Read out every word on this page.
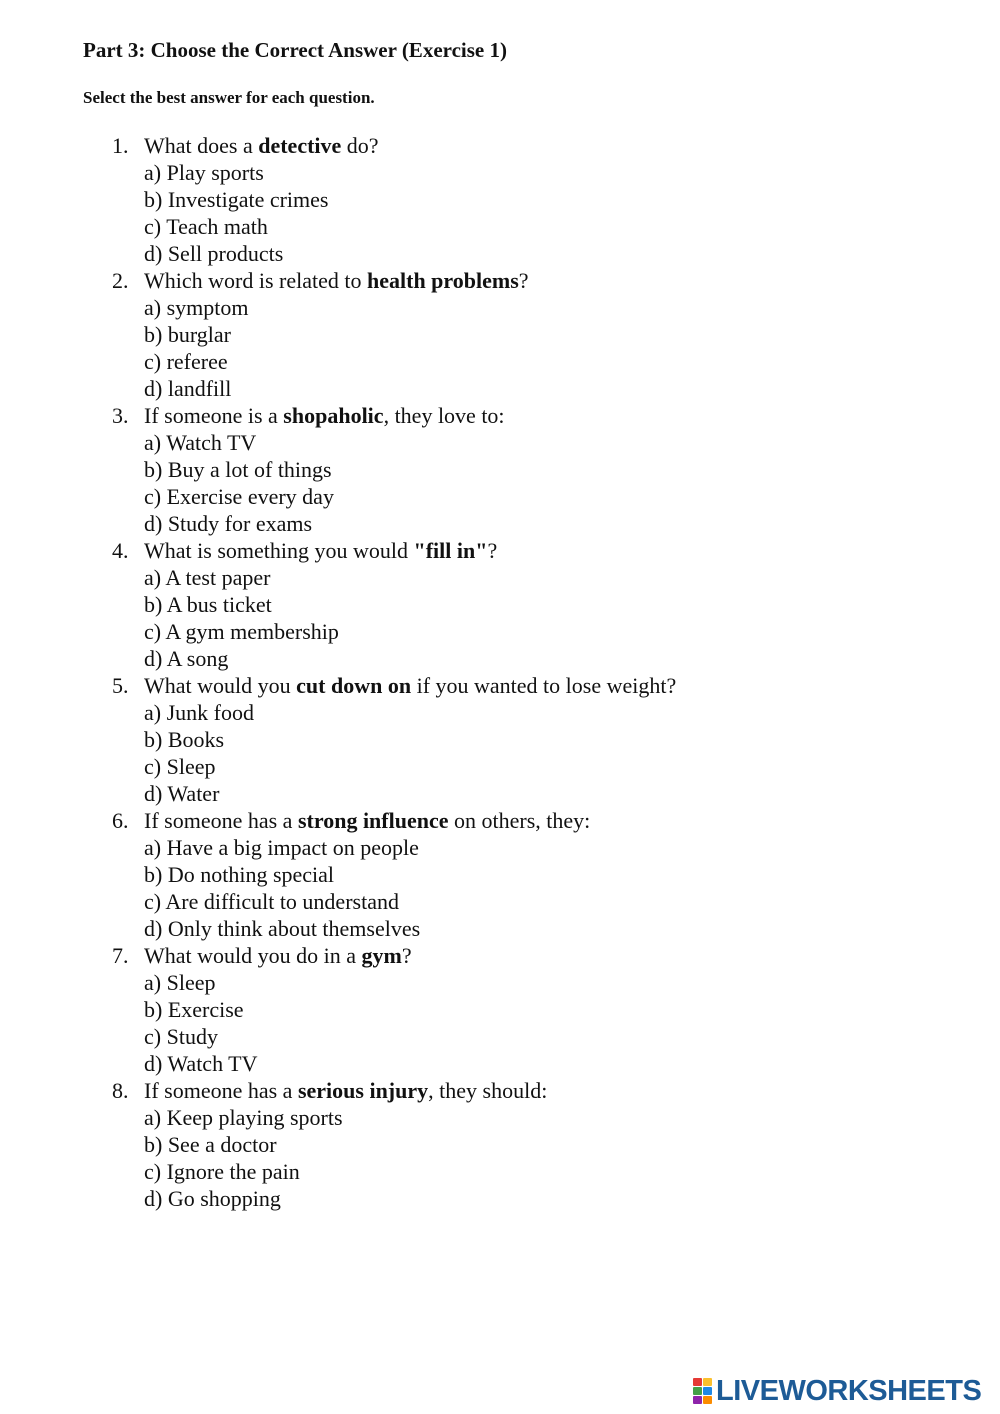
Part 3: Choose the Correct Answer (Exercise 1)
Select the best answer for each question.
1. What does a detective do?
a) Play sports
b) Investigate crimes
c) Teach math
d) Sell products
2. Which word is related to health problems?
a) symptom
b) burglar
c) referee
d) landfill
3. If someone is a shopaholic, they love to:
a) Watch TV
b) Buy a lot of things
c) Exercise every day
d) Study for exams
4. What is something you would "fill in"?
a) A test paper
b) A bus ticket
c) A gym membership
d) A song
5. What would you cut down on if you wanted to lose weight?
a) Junk food
b) Books
c) Sleep
d) Water
6. If someone has a strong influence on others, they:
a) Have a big impact on people
b) Do nothing special
c) Are difficult to understand
d) Only think about themselves
7. What would you do in a gym?
a) Sleep
b) Exercise
c) Study
d) Watch TV
8. If someone has a serious injury, they should:
a) Keep playing sports
b) See a doctor
c) Ignore the pain
d) Go shopping
LIVEWORKSHEETS
